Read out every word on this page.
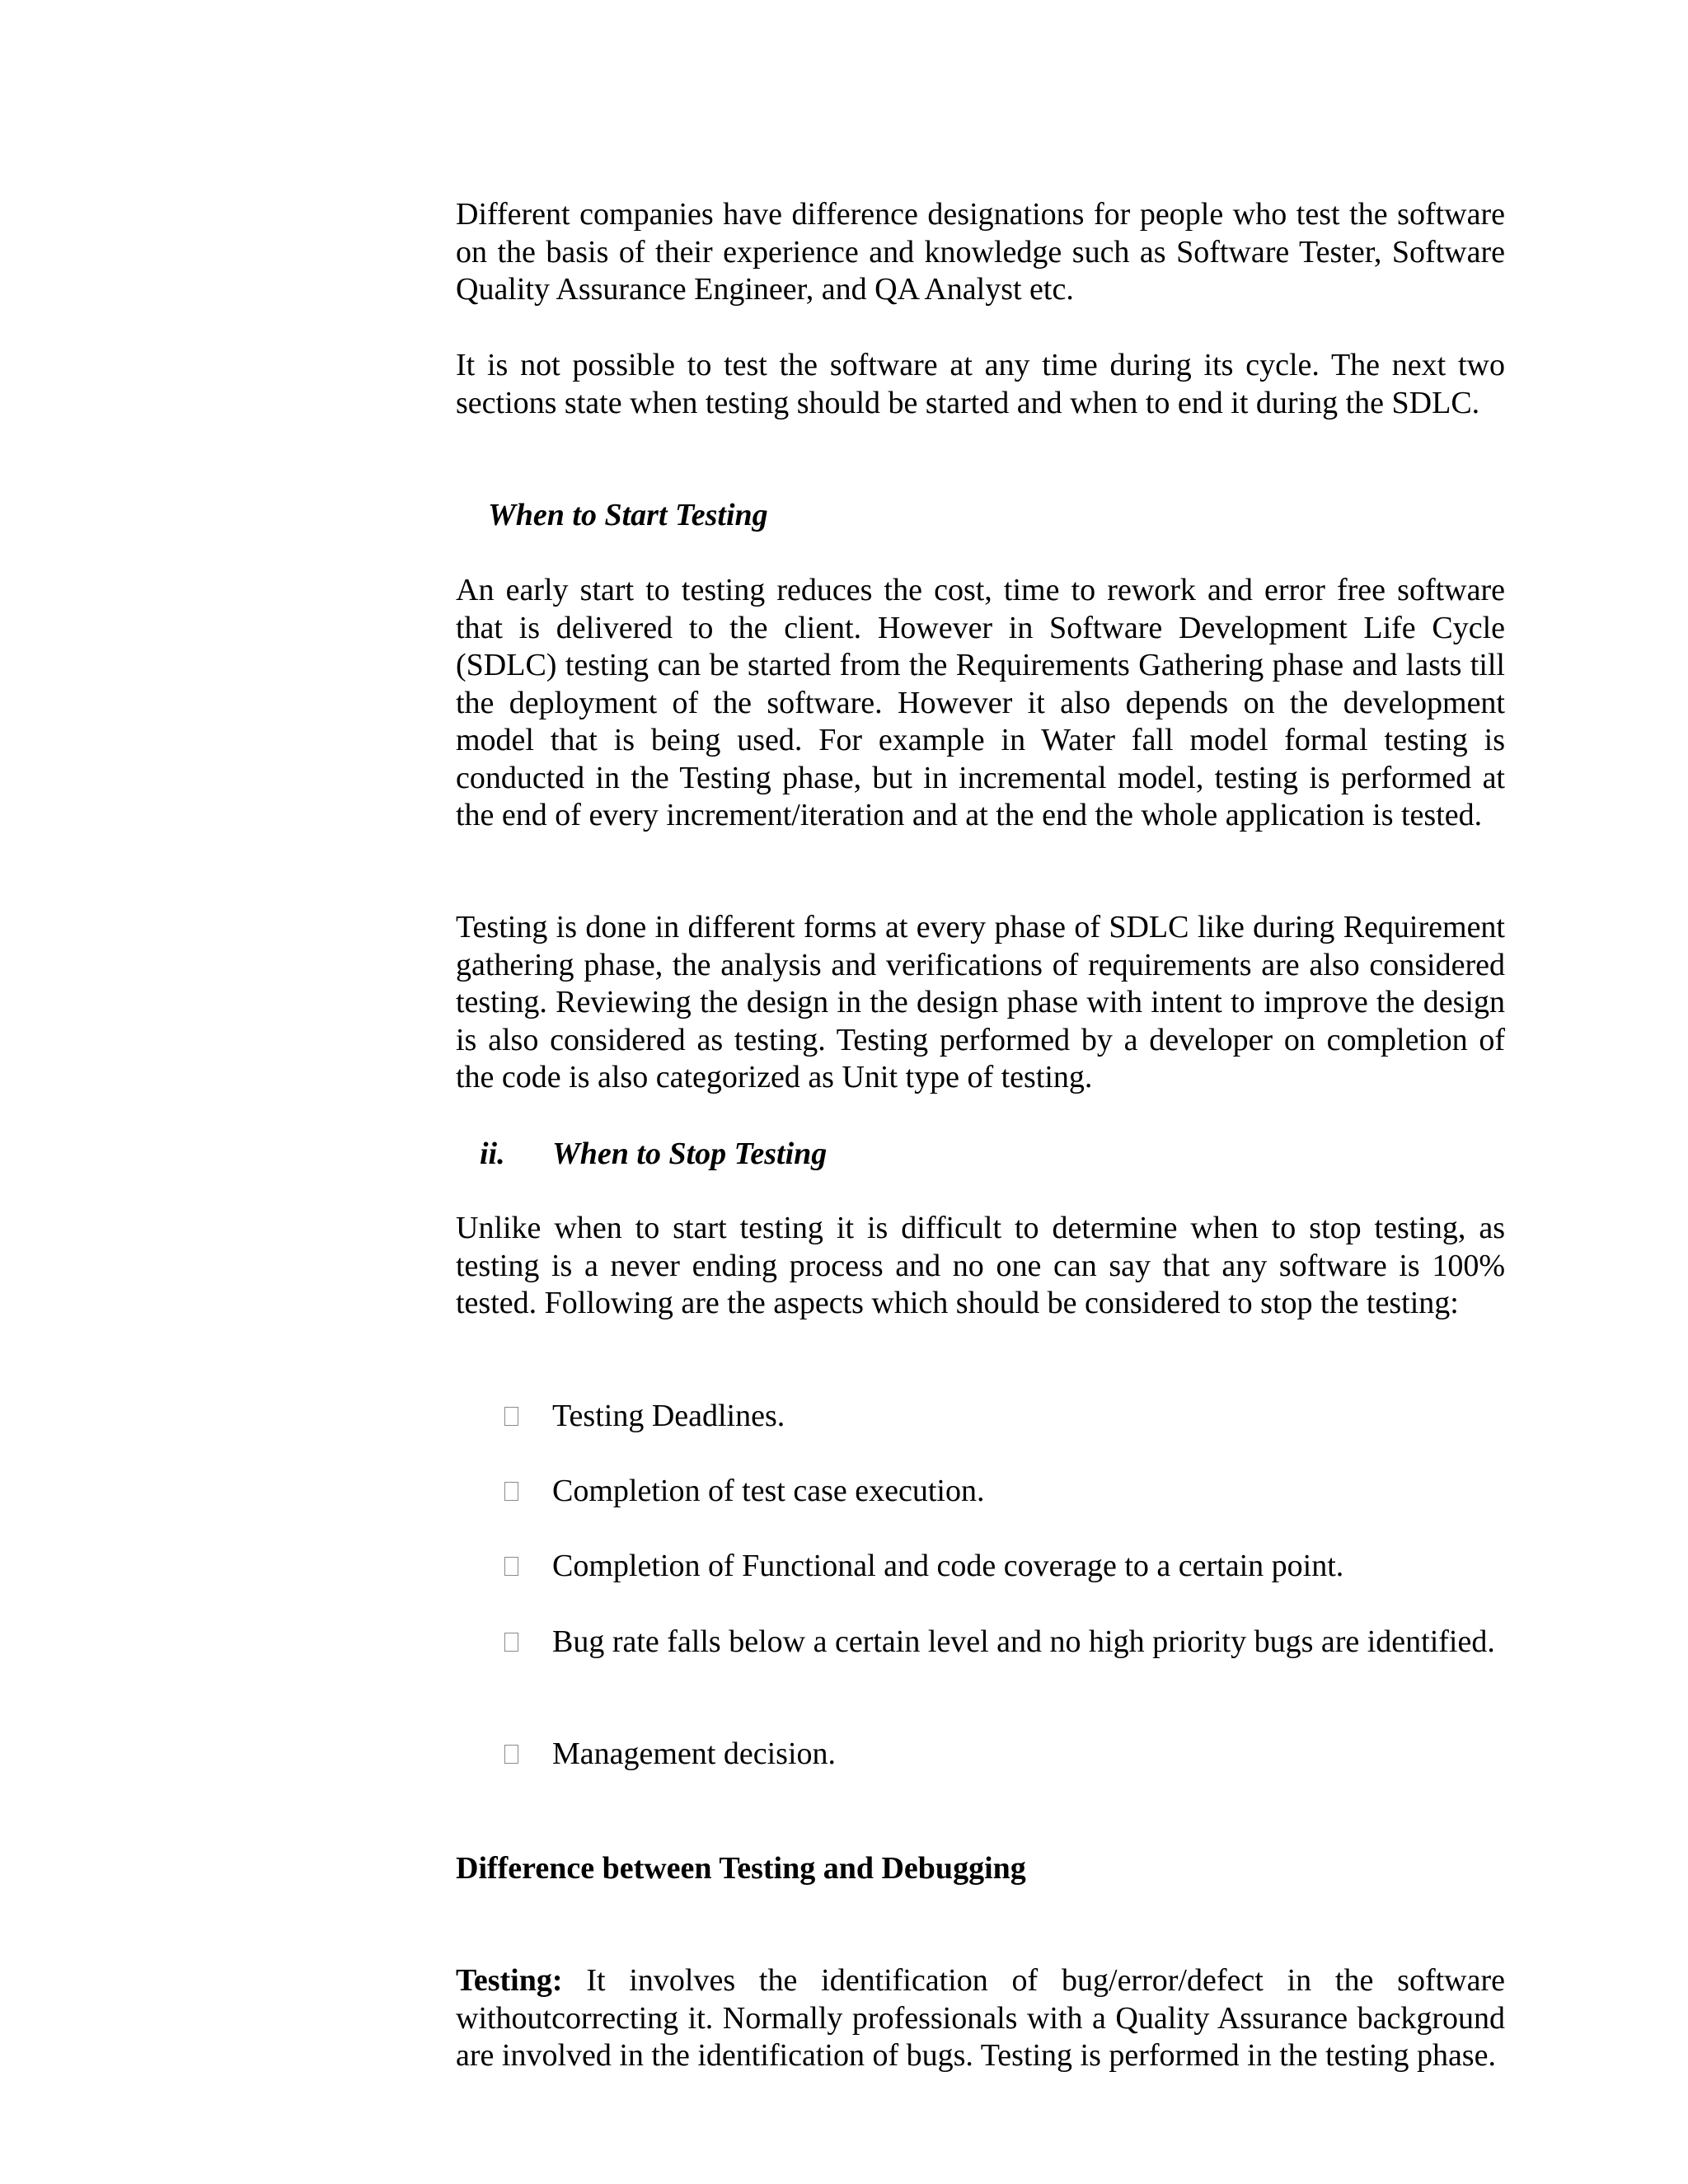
Different companies have difference designations for people who test the software on the basis of their experience and knowledge such as Software Tester, Software Quality Assurance Engineer, and QA Analyst etc.

It is not possible to test the software at any time during its cycle. The next two sections state when testing should be started and when to end it during the SDLC.

When to Start Testing

An early start to testing reduces the cost, time to rework and error free software that is delivered to the client. However in Software Development Life Cycle (SDLC) testing can be started from the Requirements Gathering phase and lasts till the deployment of the software. However it also depends on the development model that is being used. For example in Water fall model formal testing is conducted in the Testing phase, but in incremental model, testing is performed at the end of every increment/iteration and at the end the whole application is tested.

Testing is done in different forms at every phase of SDLC like during Requirement gathering phase, the analysis and verifications of requirements are also considered testing. Reviewing the design in the design phase with intent to improve the design is also considered as testing. Testing performed by a developer on completion of the code is also categorized as Unit type of testing.

ii. When to Stop Testing

Unlike when to start testing it is difficult to determine when to stop testing, as testing is a never ending process and no one can say that any software is 100% tested. Following are the aspects which should be considered to stop the testing:

Testing Deadlines.
Completion of test case execution.
Completion of Functional and code coverage to a certain point.
Bug rate falls below a certain level and no high priority bugs are identified.
Management decision.

Difference between Testing and Debugging

Testing: It involves the identification of bug/error/defect in the software withoutcorrecting it. Normally professionals with a Quality Assurance background are involved in the identification of bugs. Testing is performed in the testing phase.
